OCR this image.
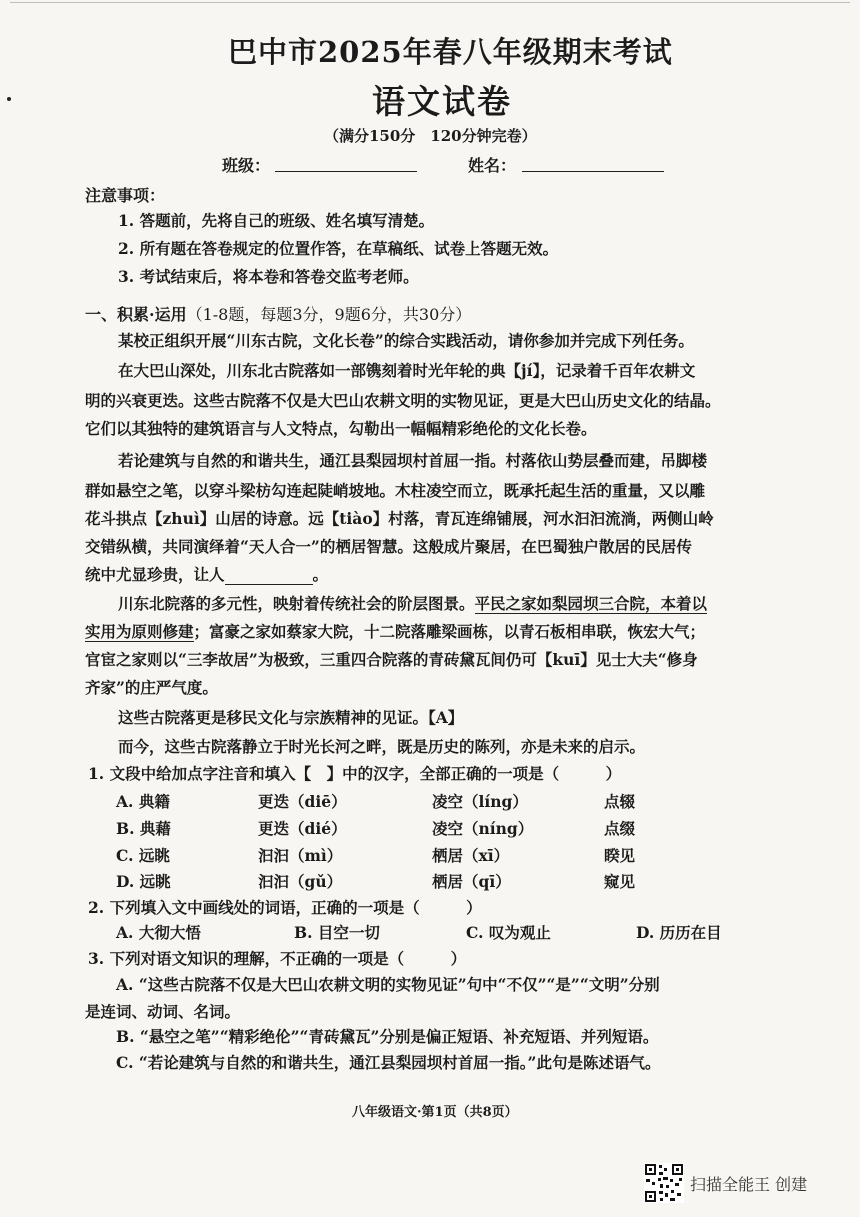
巴中市2025年春八年级期末考试
语文试卷
（满分150分　120分钟完卷）
班级：	姓名：
注意事项：
1. 答题前，先将自己的班级、姓名填写清楚。
2. 所有题在答卷规定的位置作答，在草稿纸、试卷上答题无效。
3. 考试结束后，将本卷和答卷交监考老师。
一、积累·运用（1-8题，每题3分，9题6分，共30分）
某校正组织开展“川东古院，文化长卷”的综合实践活动，请你参加并完成下列任务。
在大巴山深处，川东北古院落如一部镌刻着时光年轮的典【jí】，记录着千百年农耕文
明的兴衰更迭。这些古院落不仅是大巴山农耕文明的实物见证，更是大巴山历史文化的结晶。
它们以其独特的建筑语言与人文特点，勾勒出一幅幅精彩绝伦的文化长卷。
若论建筑与自然的和谐共生，通江县梨园坝村首屈一指。村落依山势层叠而建，吊脚楼
群如悬空之笔，以穿斗梁枋勾连起陡峭坡地。木柱凌空而立，既承托起生活的重量，又以雕
花斗拱点【zhuì】山居的诗意。远【tiào】村落，青瓦连绵铺展，河水汩汩流淌，两侧山岭
交错纵横，共同演绎着“天人合一”的栖居智慧。这般成片聚居，在巴蜀独户散居的民居传
统中尤显珍贵，让人	。
川东北院落的多元性，映射着传统社会的阶层图景。平民之家如梨园坝三合院，本着以
实用为原则修建；富豪之家如蔡家大院，十二院落雕梁画栋，以青石板相串联，恢宏大气；
官宦之家则以“三李故居”为极致，三重四合院落的青砖黛瓦间仍可【kuī】见士大夫“修身
齐家”的庄严气度。
这些古院落更是移民文化与宗族精神的见证。【A】
而今，这些古院落静立于时光长河之畔，既是历史的陈列，亦是未来的启示。
1. 文段中给加点字注音和填入【　】中的汉字，全部正确的一项是（　　　）
A. 典籍	更迭（diē）	凌空（líng）	点辍
B. 典藉	更迭（dié）	凌空（níng）	点缀
C. 远眺	汩汩（mì）	栖居（xī）	睽见
D. 远眺	汩汩（gǔ）	栖居（qī）	窥见
2. 下列填入文中画线处的词语，正确的一项是（　　　）
A. 大彻大悟	B. 目空一切	C. 叹为观止	D. 历历在目
3. 下列对语文知识的理解，不正确的一项是（　　　）
A. “这些古院落不仅是大巴山农耕文明的实物见证”句中“不仅”“是”“文明”分别
是连词、动词、名词。
B. “悬空之笔”“精彩绝伦”“青砖黛瓦”分别是偏正短语、补充短语、并列短语。
C. “若论建筑与自然的和谐共生，通江县梨园坝村首屈一指。”此句是陈述语气。
八年级语文·第1页（共8页）
扫描全能王 创建
